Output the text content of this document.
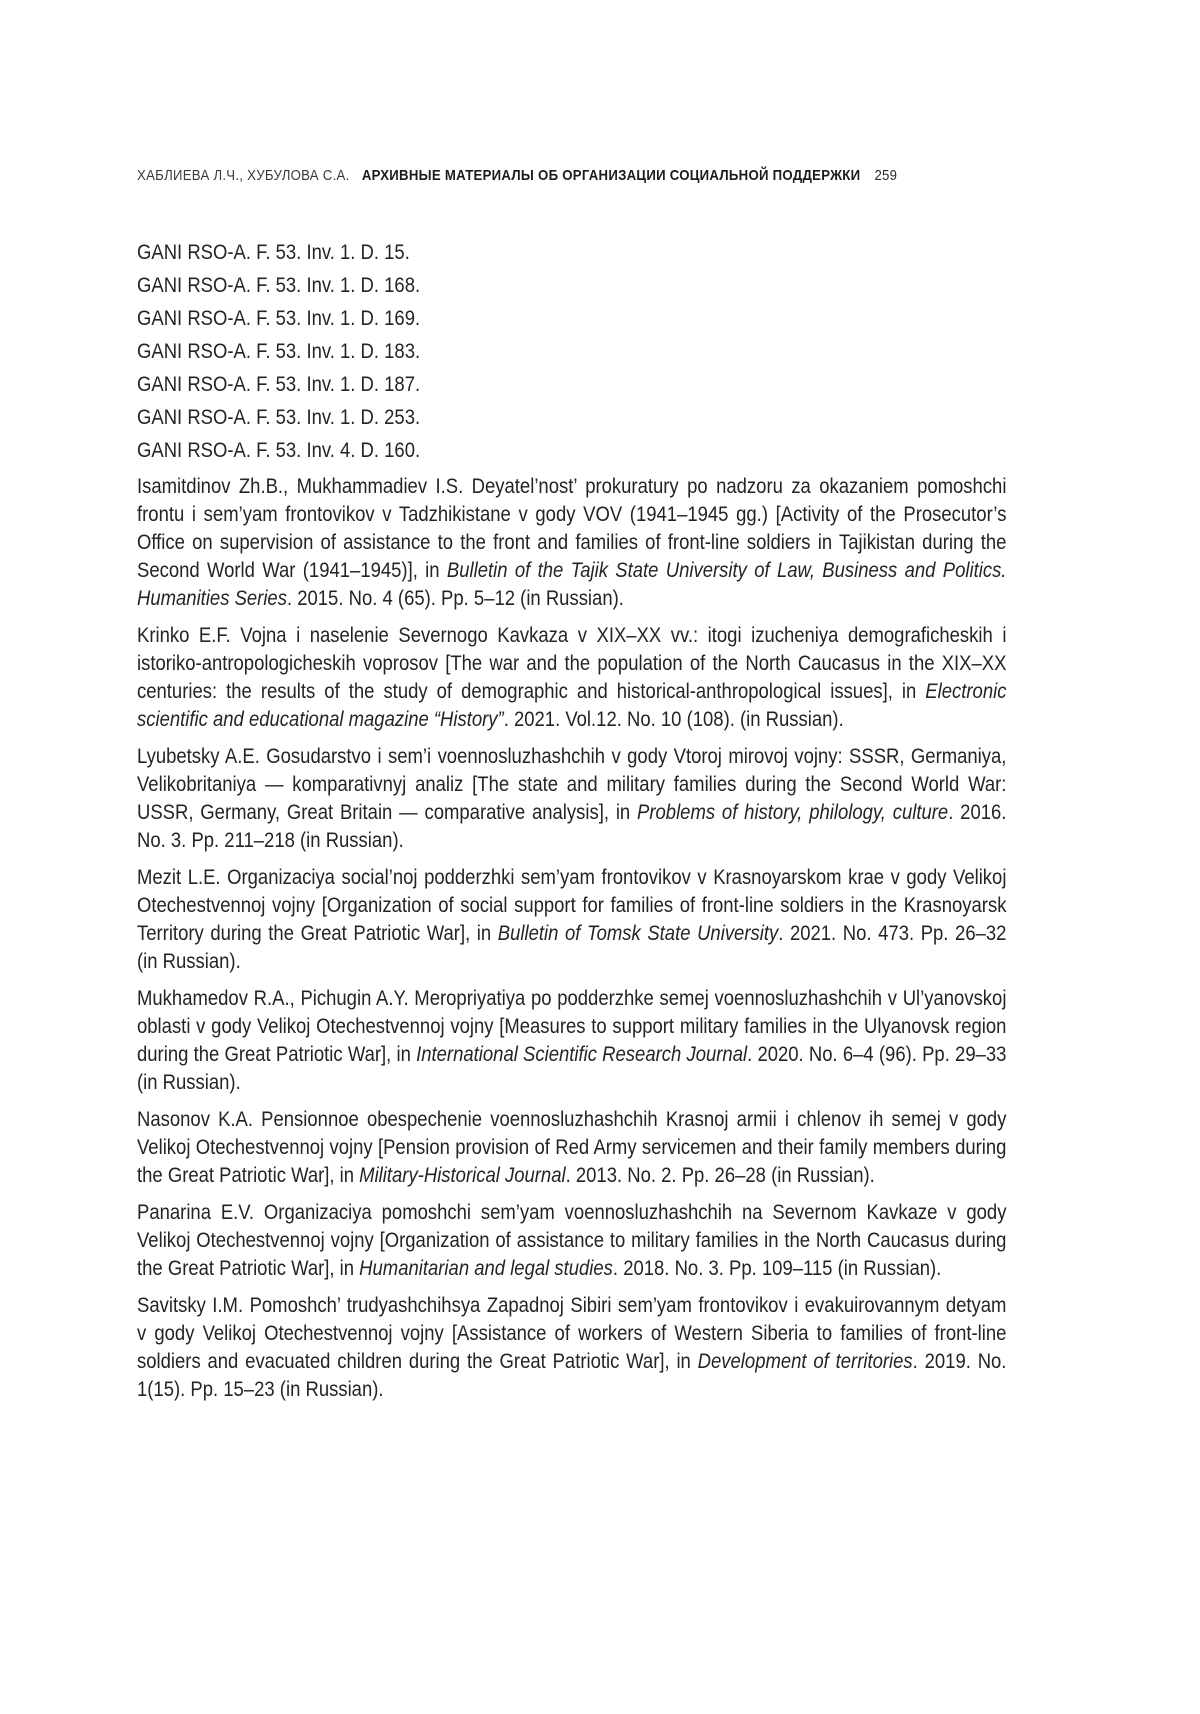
ХАБЛИЕВА Л.Ч., ХУБУЛОВА С.А. АРХИВНЫЕ МАТЕРИАЛЫ ОБ ОРГАНИЗАЦИИ СОЦИАЛЬНОЙ ПОДДЕРЖКИ 259

GANI RSO-A. F. 53. Inv. 1. D. 15.

GANI RSO-A. F. 53. Inv. 1. D. 168.

GANI RSO-A. F. 53. Inv. 1. D. 169.

GANI RSO-A. F. 53. Inv. 1. D. 183.

GANI RSO-A. F. 53. Inv. 1. D. 187.

GANI RSO-A. F. 53. Inv. 1. D. 253.

GANI RSO-A. F. 53. Inv. 4. D. 160.

Isamitdinov Zh.B., Mukhammadiev I.S. Deyatel’nost’ prokuratury po nadzoru za okazaniem pomoshchi frontu i sem’yam frontovikov v Tadzhikistane v gody VOV (1941–1945 gg.) [Activity of the Prosecutor’s Office on supervision of assistance to the front and families of front-line soldiers in Tajikistan during the Second World War (1941–1945)], in Bulletin of the Tajik State University of Law, Business and Politics. Humanities Series. 2015. No. 4 (65). Pp. 5–12 (in Russian).

Krinko E.F. Vojna i naselenie Severnogo Kavkaza v XIX–XX vv.: itogi izucheniya demograficheskih i istoriko-antropologicheskih voprosov [The war and the population of the North Caucasus in the XIX–XX centuries: the results of the study of demographic and historical-anthropological issues], in Electronic scientific and educational magazine “History”. 2021. Vol.12. No. 10 (108). (in Russian).

Lyubetsky A.E. Gosudarstvo i sem’i voennosluzhashchih v gody Vtoroj mirovoj vojny: SSSR, Germaniya, Velikobritaniya — komparativnyj analiz [The state and military families during the Second World War: USSR, Germany, Great Britain — comparative analysis], in Problems of history, philology, culture. 2016. No. 3. Pp. 211–218 (in Russian).

Mezit L.E. Organizaciya social’noj podderzhki sem’yam frontovikov v Krasnoyarskom krae v gody Velikoj Otechestvennoj vojny [Organization of social support for families of front-line soldiers in the Krasnoyarsk Territory during the Great Patriotic War], in Bulletin of Tomsk State University. 2021. No. 473. Pp. 26–32 (in Russian).

Mukhamedov R.A., Pichugin A.Y. Meropriyatiya po podderzhke semej voennosluzhashchih v Ul’yanovskoj oblasti v gody Velikoj Otechestvennoj vojny [Measures to support military families in the Ulyanovsk region during the Great Patriotic War], in International Scientific Research Journal. 2020. No. 6–4 (96). Pp. 29–33 (in Russian).

Nasonov K.A. Pensionnoe obespechenie voennosluzhashchih Krasnoj armii i chlenov ih semej v gody Velikoj Otechestvennoj vojny [Pension provision of Red Army servicemen and their family members during the Great Patriotic War], in Military-Historical Journal. 2013. No. 2. Pp. 26–28 (in Russian).

Panarina E.V. Organizaciya pomoshchi sem’yam voennosluzhashchih na Severnom Kavkaze v gody Velikoj Otechestvennoj vojny [Organization of assistance to military families in the North Caucasus during the Great Patriotic War], in Humanitarian and legal studies. 2018. No. 3. Pp. 109–115 (in Russian).

Savitsky I.M. Pomoshch’ trudyashchihsya Zapadnoj Sibiri sem’yam frontovikov i evakuirovannym detyam v gody Velikoj Otechestvennoj vojny [Assistance of workers of Western Siberia to families of front-line soldiers and evacuated children during the Great Patriotic War], in Development of territories. 2019. No. 1(15). Pp. 15–23 (in Russian).
